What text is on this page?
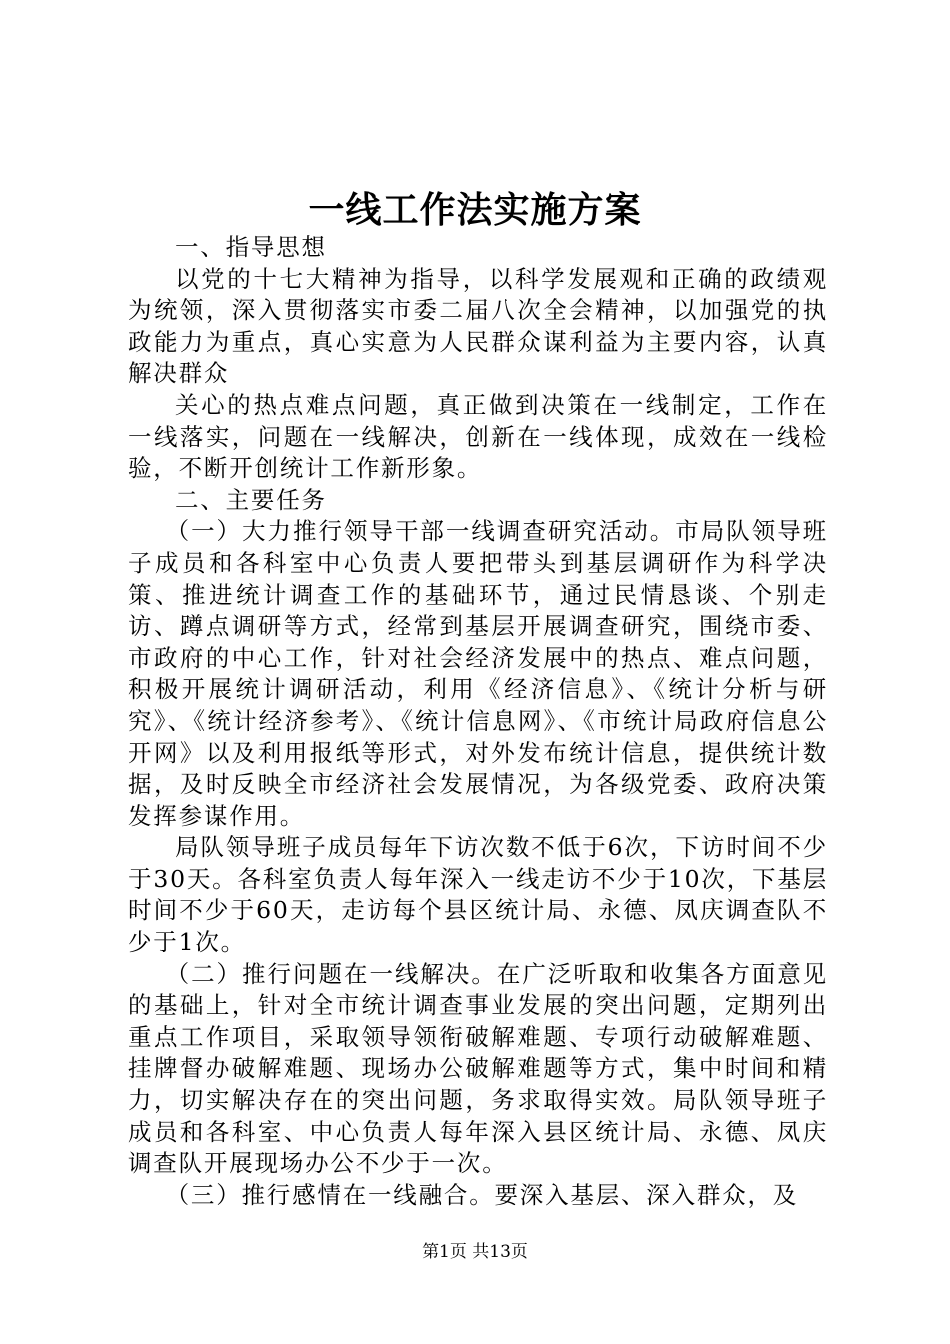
一线工作法实施方案

一、指导思想

以党的十七大精神为指导，以科学发展观和正确的政绩观为统领，深入贯彻落实市委二届八次全会精神，以加强党的执政能力为重点，真心实意为人民群众谋利益为主要内容，认真解决群众

关心的热点难点问题，真正做到决策在一线制定，工作在一线落实，问题在一线解决，创新在一线体现，成效在一线检验，不断开创统计工作新形象。

二、主要任务

（一）大力推行领导干部一线调查研究活动。市局队领导班子成员和各科室中心负责人要把带头到基层调研作为科学决策、推进统计调查工作的基础环节，通过民情恳谈、个别走访、蹲点调研等方式，经常到基层开展调查研究，围绕市委、市政府的中心工作，针对社会经济发展中的热点、难点问题，积极开展统计调研活动，利用《经济信息》、《统计分析与研究》、《统计经济参考》、《统计信息网》、《市统计局政府信息公开网》以及利用报纸等形式，对外发布统计信息，提供统计数据，及时反映全市经济社会发展情况，为各级党委、政府决策发挥参谋作用。

局队领导班子成员每年下访次数不低于6次，下访时间不少于30天。各科室负责人每年深入一线走访不少于10次，下基层时间不少于60天，走访每个县区统计局、永德、凤庆调查队不少于1次。

（二）推行问题在一线解决。在广泛听取和收集各方面意见的基础上，针对全市统计调查事业发展的突出问题，定期列出重点工作项目，采取领导领衔破解难题、专项行动破解难题、挂牌督办破解难题、现场办公破解难题等方式，集中时间和精力，切实解决存在的突出问题，务求取得实效。局队领导班子成员和各科室、中心负责人每年深入县区统计局、永德、凤庆调查队开展现场办公不少于一次。

（三）推行感情在一线融合。要深入基层、深入群众，及

第1页 共13页
